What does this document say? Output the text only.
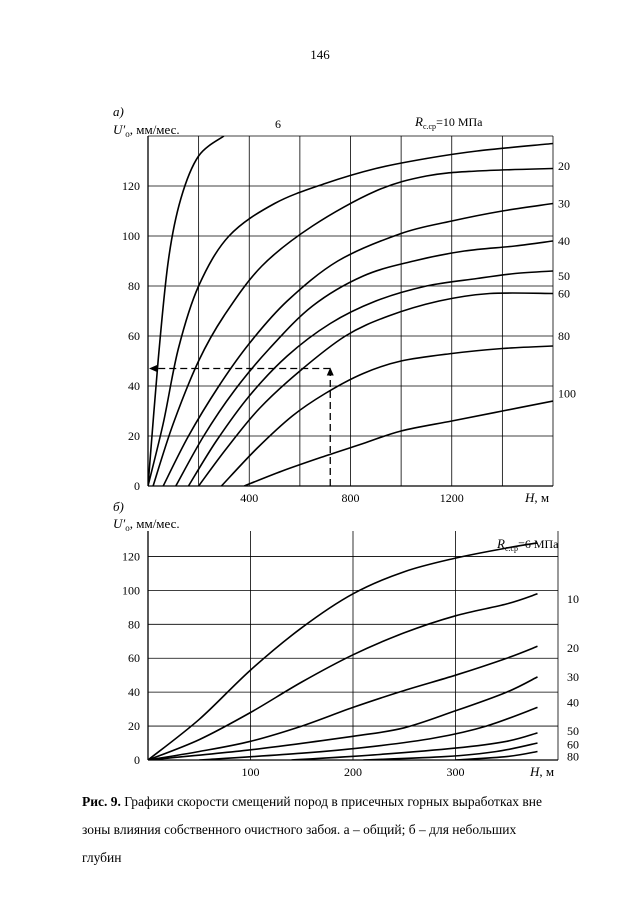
146
0
20
40
60
80
100
120
400	800	1200
6
20
30
40
50
60
80
100
а)
$U'_о$, мм/мес.
H, м
$R_{с.ср}=10$ МПа
0
20
40
60
80
100
120
100	200	300
10
20
30
40
50
60
80
б)
$U'_о$, мм/мес.
H, м
$R_{с.ср}=6$ МПа
Рис. 9. Графики скорости смещений пород в присечных горных выработках вне
зоны влияния собственного очистного забоя. а – общий; б – для небольших
глубин
